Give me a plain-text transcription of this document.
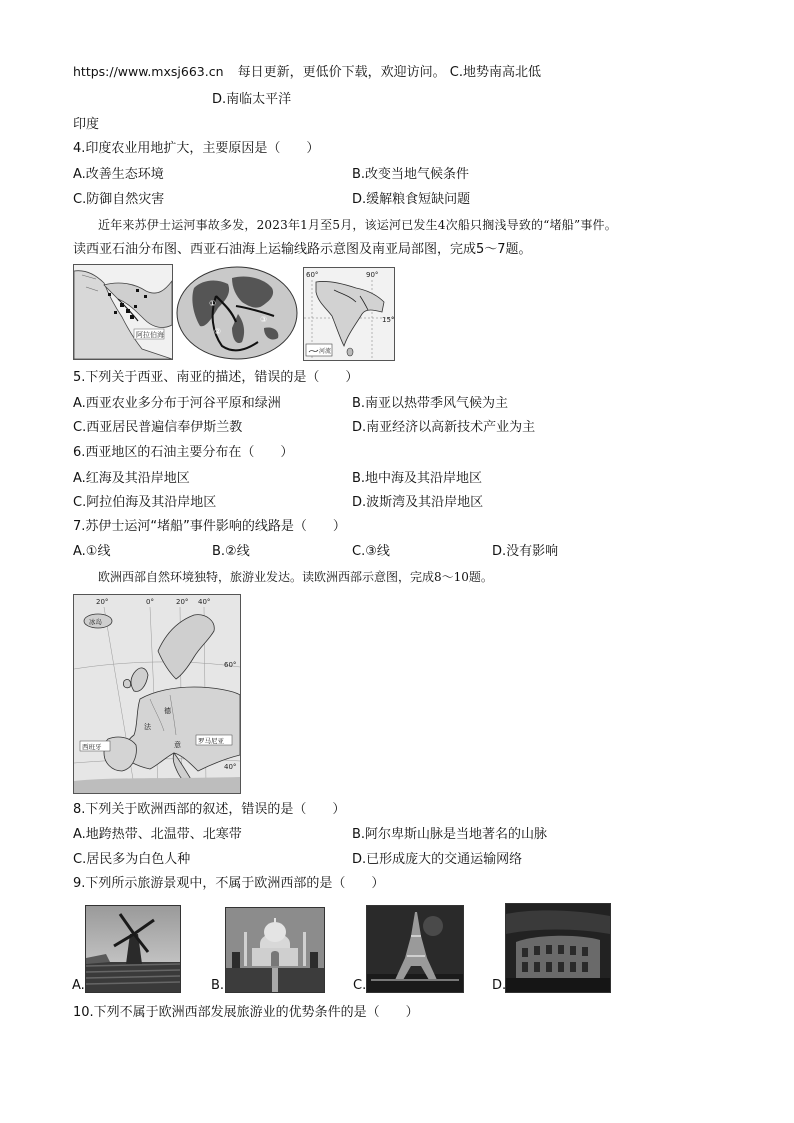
https://www.mxsj663.cn 每日更新，更低价下载，欢迎访问。 C.地势南高北低
D.南临太平洋
印度
4.印度农业用地扩大，主要原因是（　　）
A.改善生态环境	B.改变当地气候条件
C.防御自然灾害	D.缓解粮食短缺问题
近年来苏伊士运河事故多发，2023年1月至5月，该运河已发生4次船只搁浅导致的“堵船”事件。
读西亚石油分布图、西亚石油海上运输线路示意图及南亚局部图，完成5～7题。
阿拉伯海
①
②
③
60°	90°
15°
河流
5.下列关于西亚、南亚的描述，错误的是（　　）
A.西亚农业多分布于河谷平原和绿洲	B.南亚以热带季风气候为主
C.西亚居民普遍信奉伊斯兰教	D.南亚经济以高新技术产业为主
6.西亚地区的石油主要分布在（　　）
A.红海及其沿岸地区	B.地中海及其沿岸地区
C.阿拉伯海及其沿岸地区	D.波斯湾及其沿岸地区
7.苏伊士运河“堵船”事件影响的线路是（　　）
A.①线	B.②线	C.③线	D.没有影响
欧洲西部自然环境独特，旅游业发达。读欧洲西部示意图，完成8～10题。
20°	0°	20° 40°
60°
40°
冰岛
西班牙
法
德
意	罗马尼亚
8.下列关于欧洲西部的叙述，错误的是（　　）
A.地跨热带、北温带、北寒带	B.阿尔卑斯山脉是当地著名的山脉
C.居民多为白色人种	D.已形成庞大的交通运输网络
9.下列所示旅游景观中，不属于欧洲西部的是（　　）
A.	B.	C.	D.
10.下列不属于欧洲西部发展旅游业的优势条件的是（　　）
